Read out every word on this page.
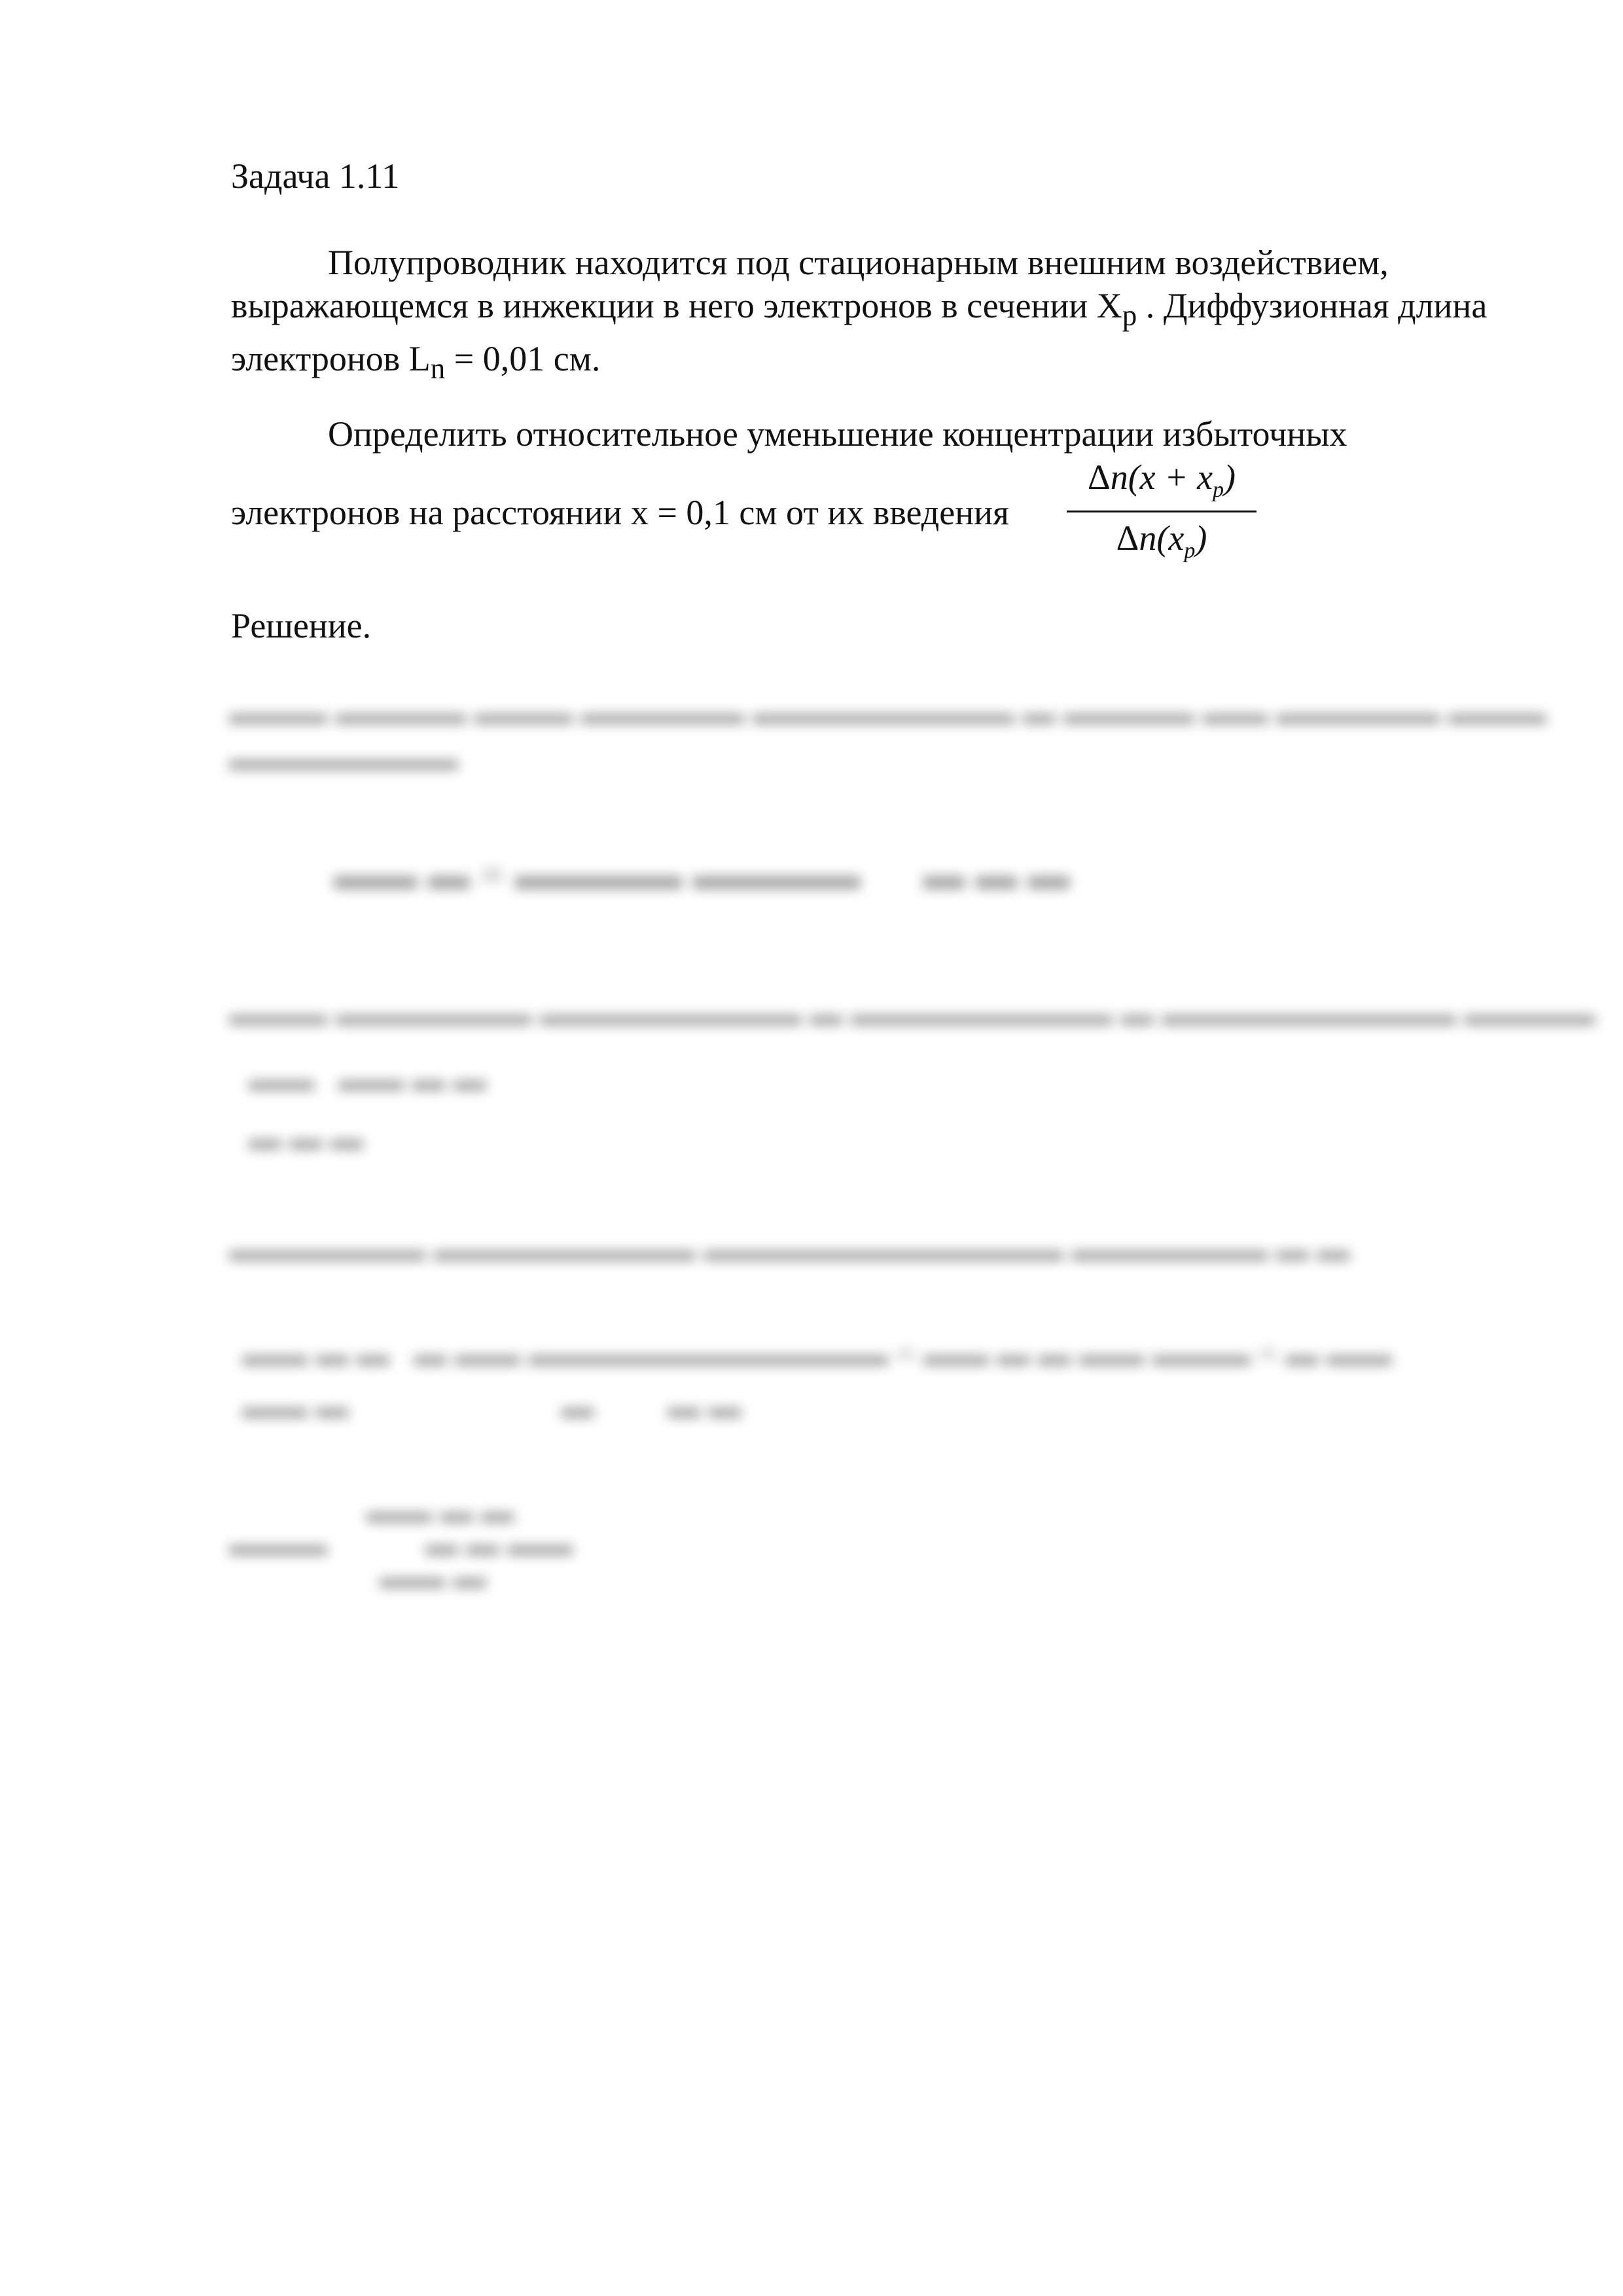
Задача 1.11
Полупроводник находится под стационарным внешним воздействием, выражающемся в инжекции в него электронов в сечении $X_p$ . Диффузионная длина электронов $L_n = 0,01$ см.
Определить относительное уменьшение концентрации избыточных
электронов на расстоянии x = 0,1 см от их введения $\frac{\Delta n(x + x_p)}{\Delta n(x_p)}$
Решение.
▬▬▬ ▬▬▬▬ ▬▬▬ ▬▬▬▬▬ ▬▬▬▬▬▬▬▬ ▬ ▬▬▬▬ ▬▬ ▬▬▬▬▬ ▬▬▬
▬▬▬▬▬▬▬
▬▬ ▬ = ▬▬▬▬ ▬▬▬▬      ▬ ▬ ▬
▬▬▬ ▬▬▬▬▬▬ ▬▬▬▬▬▬▬▬ ▬ ▬▬▬▬▬▬▬▬ ▬ ▬▬▬▬▬▬▬▬▬ ▬▬▬▬
▬▬   ▬▬ ▬ ▬
▬ ▬ ▬
▬▬▬▬▬▬ ▬▬▬▬▬▬▬▬ ▬▬▬▬▬▬▬▬▬▬▬ ▬▬▬▬▬▬ ▬ ▬
▬▬ ▬ ▬   ▬ ▬▬ ▬▬▬▬▬▬▬▬▬▬▬ = ▬▬ ▬ ▬ ▬▬ ▬▬▬ = ▬ ▬▬
▬▬ ▬                          ▬         ▬ ▬
▬▬ ▬ ▬
▬▬▬            ▬ ▬ ▬▬
▬▬ ▬
